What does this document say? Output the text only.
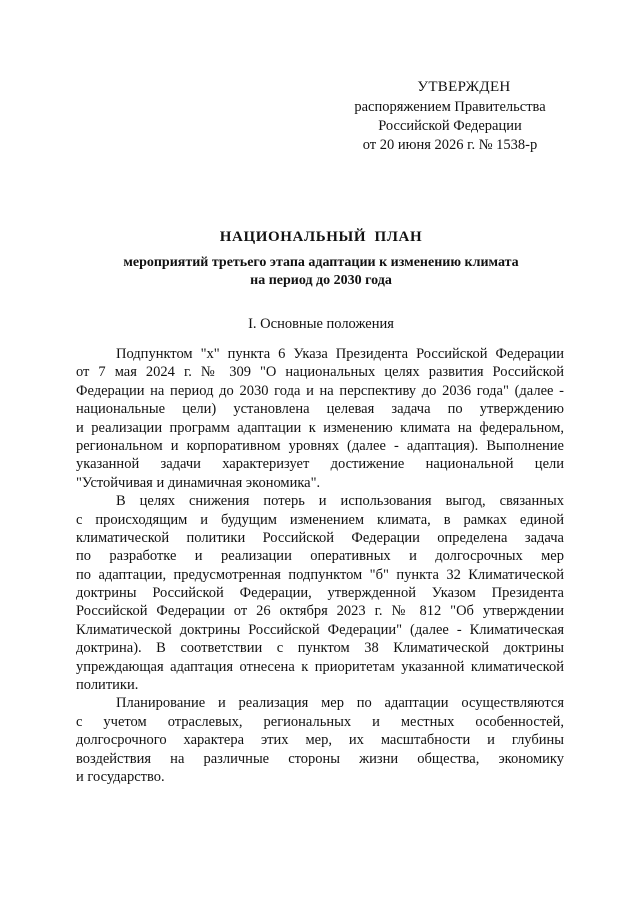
УТВЕРЖДЕН
распоряжением Правительства
Российской Федерации
от 20 июня 2026 г. № 1538-р
НАЦИОНАЛЬНЫЙ ПЛАН
мероприятий третьего этапа адаптации к изменению климата
на период до 2030 года
I. Основные положения

Подпунктом "х" пункта 6 Указа Президента Российской Федерации
от 7 мая 2024 г. № 309 "О национальных целях развития Российской
Федерации на период до 2030 года и на перспективу до 2036 года" (далее -
национальные цели) установлена целевая задача по утверждению
и реализации программ адаптации к изменению климата на федеральном,
региональном и корпоративном уровнях (далее - адаптация). Выполнение
указанной задачи характеризует достижение национальной цели
"Устойчивая и динамичная экономика".

В целях снижения потерь и использования выгод, связанных
с происходящим и будущим изменением климата, в рамках единой
климатической политики Российской Федерации определена задача
по разработке и реализации оперативных и долгосрочных мер
по адаптации, предусмотренная подпунктом "б" пункта 32 Климатической
доктрины Российской Федерации, утвержденной Указом Президента
Российской Федерации от 26 октября 2023 г. № 812 "Об утверждении
Климатической доктрины Российской Федерации" (далее - Климатическая
доктрина). В соответствии с пунктом 38 Климатической доктрины
упреждающая адаптация отнесена к приоритетам указанной климатической
политики.

Планирование и реализация мер по адаптации осуществляются
с учетом отраслевых, региональных и местных особенностей,
долгосрочного характера этих мер, их масштабности и глубины
воздействия на различные стороны жизни общества, экономику
и государство.
